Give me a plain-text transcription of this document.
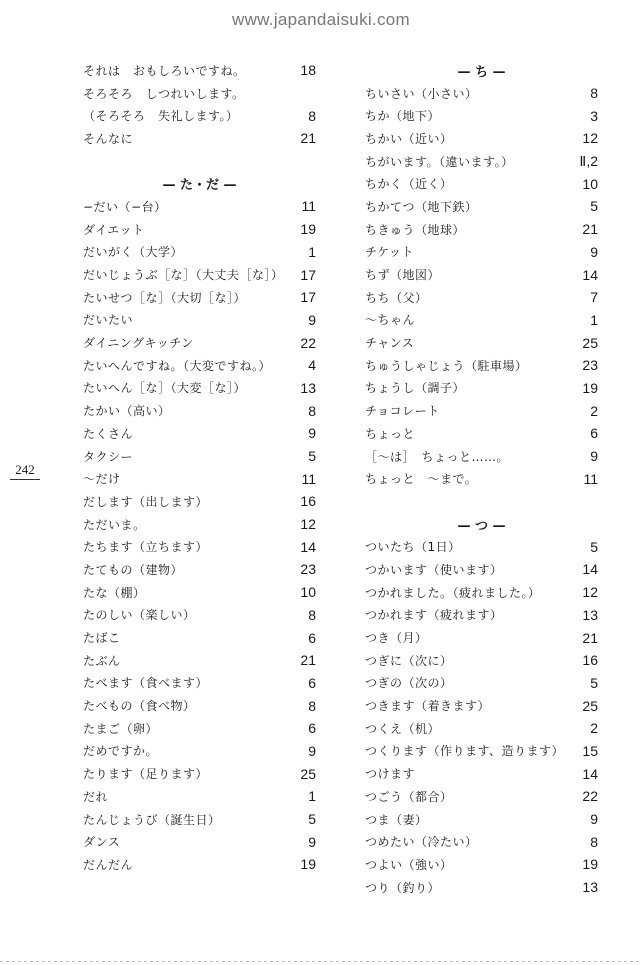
www.japandaisuki.com
242
それは　おもしろいですね。	18
そろそろ　しつれいします。
（そろそろ　失礼します。）	8
そんなに	21
— た・だ —
−だい（−台）	11
ダイエット	19
だいがく（大学）	1
だいじょうぶ［な］（大丈夫［な］） 17
たいせつ［な］（大切［な］）	17
だいたい	9
ダイニングキッチン	22
たいへんですね。（大変ですね。）	4
たいへん［な］（大変［な］）	13
たかい（高い）	8
たくさん	9
タクシー	5
～だけ	11
だします（出します）	16
ただいま。	12
たちます（立ちます）	14
たてもの（建物）	23
たな（棚）	10
たのしい（楽しい）	8
たばこ	6
たぶん	21
たべます（食べます）	6
たべもの（食べ物）	8
たまご（卵）	6
だめですか。	9
たります（足ります）	25
だれ	1
たんじょうび（誕生日）	5
ダンス	9
だんだん	19
— ち —
ちいさい（小さい）	8
ちか（地下）	3
ちかい（近い）	12
ちがいます。（違います。）	Ⅱ,2
ちかく（近く）	10
ちかてつ（地下鉄）	5
ちきゅう（地球）	21
チケット	9
ちず（地図）	14
ちち（父）	7
～ちゃん	1
チャンス	25
ちゅうしゃじょう（駐車場）	23
ちょうし（調子）	19
チョコレート	2
ちょっと	6
［～は］　ちょっと……。	9
ちょっと　～まで。	11
— つ —
ついたち（1日）	5
つかいます（使います）	14
つかれました。（疲れました。）	12
つかれます（疲れます）	13
つき（月）	21
つぎに（次に）	16
つぎの（次の）	5
つきます（着きます）	25
つくえ（机）	2
つくります（作ります、造ります） 15
つけます	14
つごう（都合）	22
つま（妻）	9
つめたい（冷たい）	8
つよい（強い）	19
つり（釣り）	13
